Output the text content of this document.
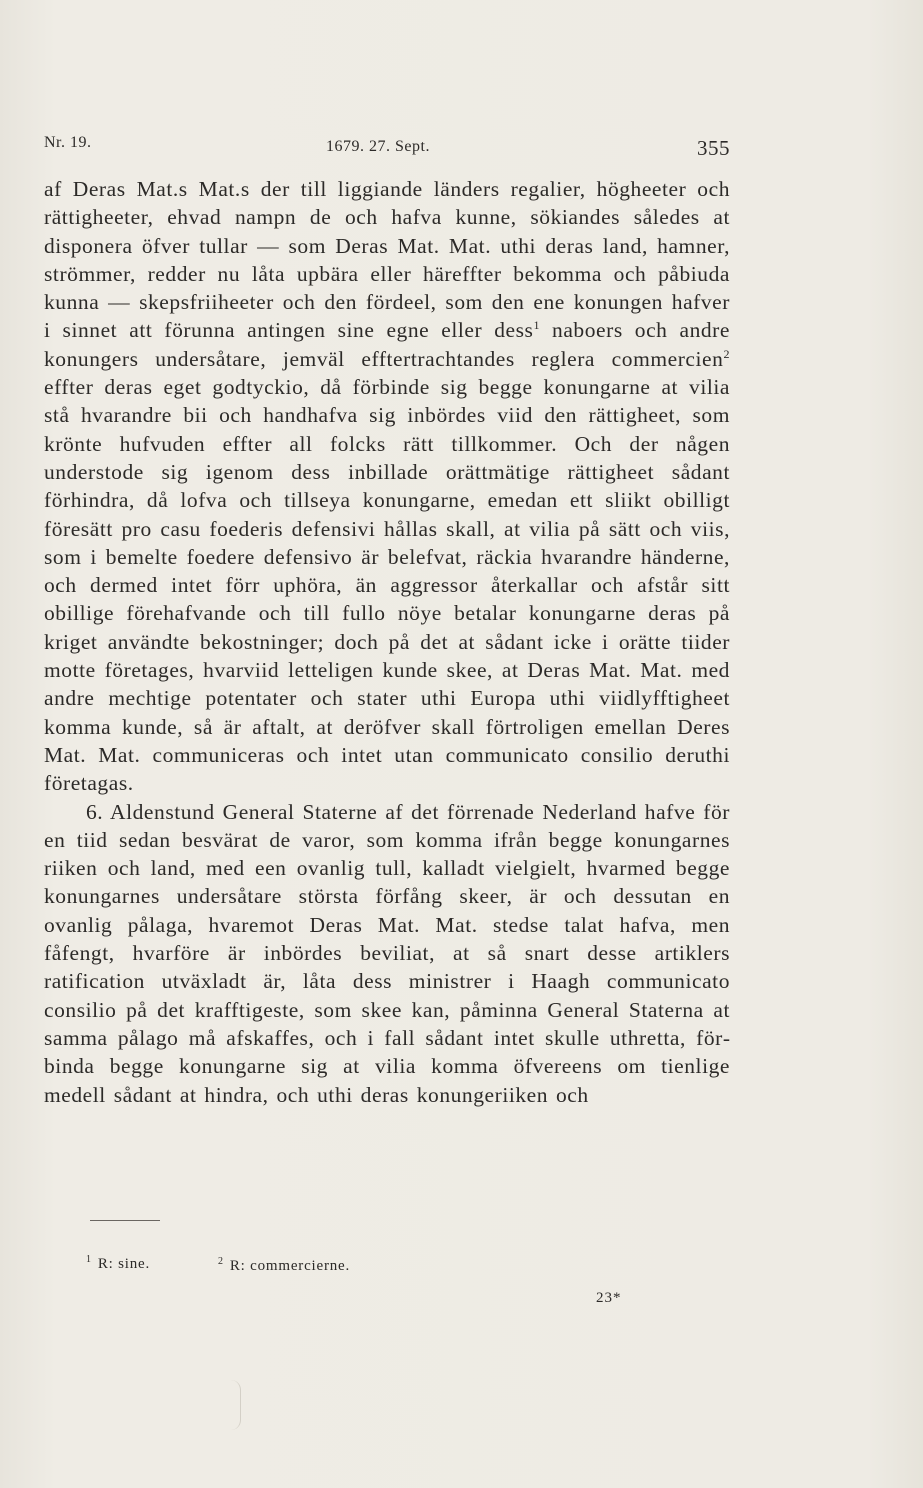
Nr. 19.	1679. 27. Sept.	355

af Deras Mat.s Mat.s der till liggiande länders regalier, högheeter och rättigheeter, ehvad nampn de och hafva kunne, sökiandes således at disponera öfver tullar — som Deras Mat. Mat. uthi deras land, hamner, strömmer, redder nu låta upbära eller häreffter bekomma och påbiuda kunna — skepsfriiheeter och den fördeel, som den ene konungen hafver i sinnet att förunna antingen sine egne eller dess$^1$ naboers och andre konungers undersåtare, jemväl efftertrachtandes reglera commercien$^2$ effter deras eget godtyckio, då förbinde sig begge konungarne at vilia stå hvarandre bii och handhafva sig inbördes viid den rättigheet, som krönte hufvuden effter all folcks rätt tillkommer. Och der någen understode sig igenom dess inbillade orättmätige rättigheet sådant förhindra, då lofva och tillseya konungarne, emedan ett sliikt obilligt föresätt pro casu foederis defensivi hållas skall, at vilia på sätt och viis, som i bemelte foedere defensivo är belefvat, räckia hvarandre händerne, och dermed intet förr uphöra, än aggressor återkallar och afstår sitt obillige förehafvande och till fullo nöye betalar konungarne deras på kriget användte bekostninger; doch på det at sådant icke i orätte tiider motte företages, hvarviid letteligen kunde skee, at Deras Mat. Mat. med andre mechtige potentater och stater uthi Europa uthi viidlyfftigheet komma kunde, så är aftalt, at deröfver skall förtroligen emellan Deres Mat. Mat. communiceras och intet utan communicato consilio deruthi företagas.

6. Aldenstund General Staterne af det förrenade Nederland hafve för en tiid sedan besvärat de varor, som komma ifrån begge konungarnes riiken och land, med een ovanlig tull, kalladt vielgielt, hvarmed begge konungarnes undersåtare största förfång skeer, är och dessutan en ovanlig pålaga, hvaremot Deras Mat. Mat. stedse talat hafva, men fåfengt, hvarföre är inbördes beviliat, at så snart desse artiklers ratification utväxladt är, låta dess ministrer i Haagh communicato consilio på det krafftigeste, som skee kan, påminna General Staterna at samma pålago må afskaffes, och i fall sådant intet skulle uthretta, förbinda begge konungarne sig at vilia komma öfvereens om tienlige medell sådant at hindra, och uthi deras konungeriiken och

$^1$ R: sine.	$^2$ R: commercierne.
23*
